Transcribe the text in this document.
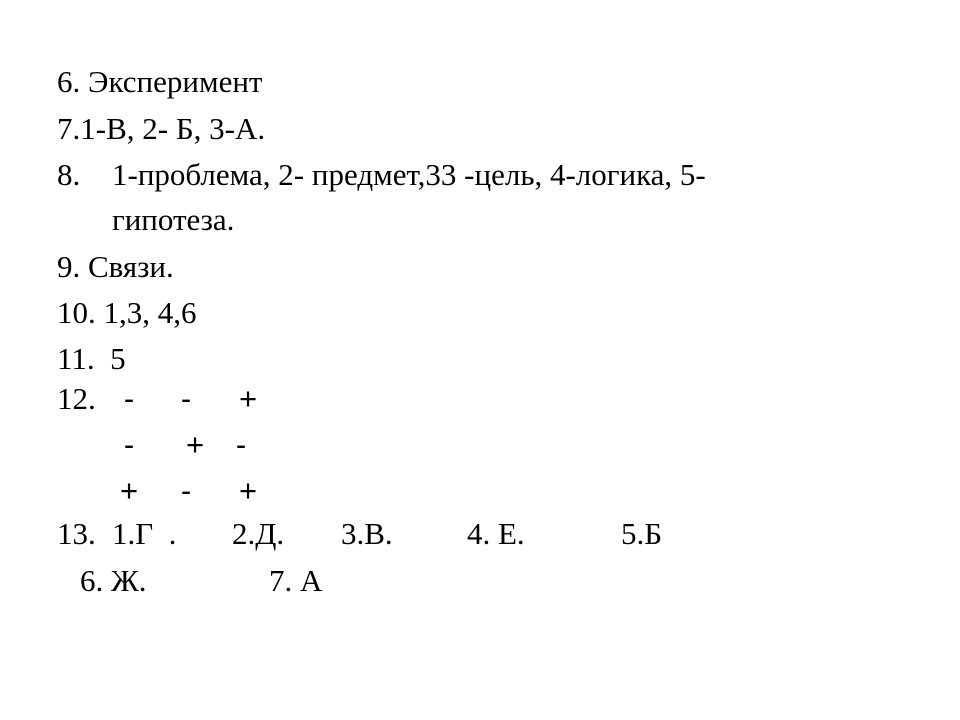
6. Эксперимент
7.1-В, 2- Б, 3-А.
8. 1-проблема, 2- предмет,33 -цель, 4-логика, 5-
гипотеза.
9. Связи.
10. 1,3, 4,6
11.  5
12. - - +
- + -
+ - +
13. 1.Г  . 2.Д. 3.В. 4. Е.	5.Б
6. Ж.	7. А
